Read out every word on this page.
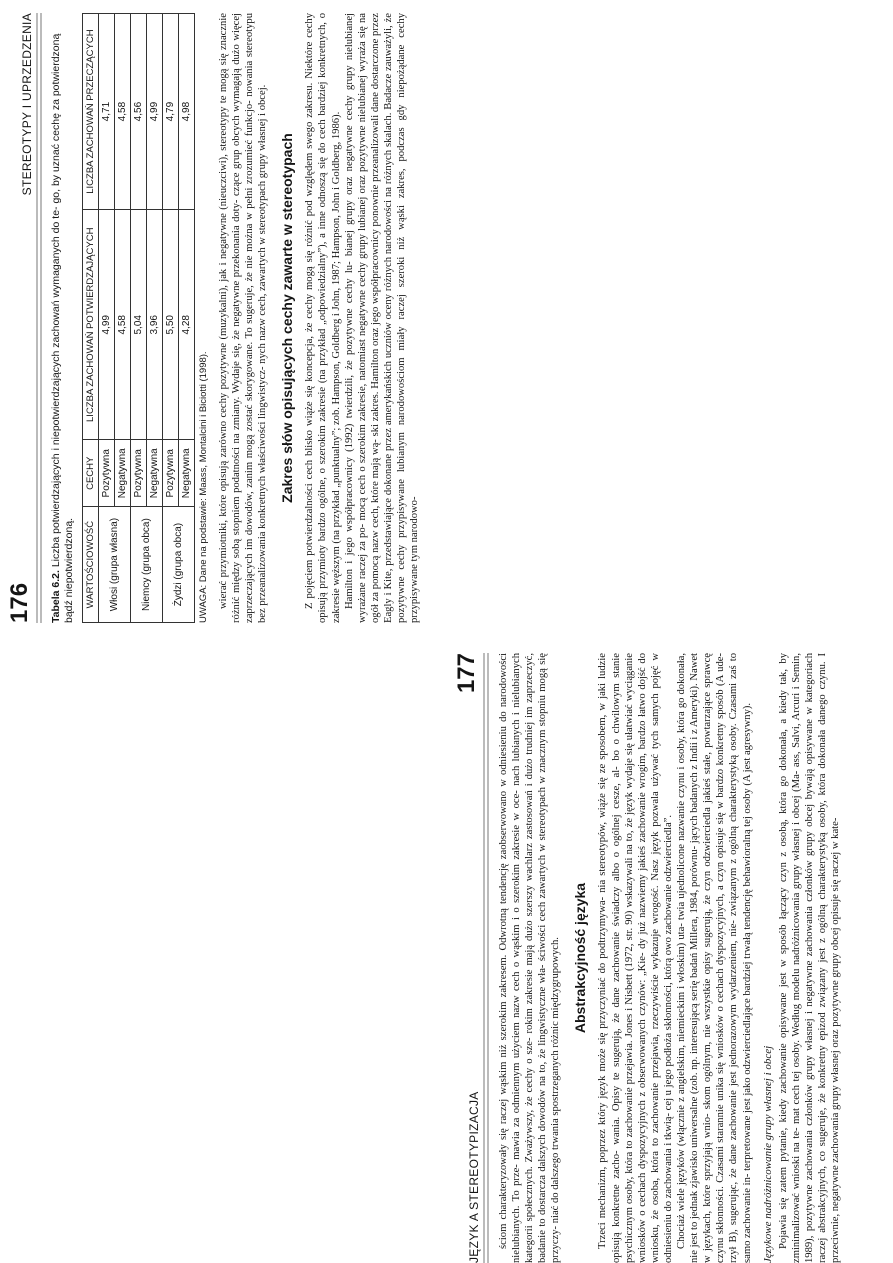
176
STEREOTYPY I UPRZEDZENIA
Tabela 6.2. Liczba potwierdzających i niepotwierdzających zachowań wymaganych do te- go, by uznać cechę za potwierdzoną bądź niepotwierdzoną. WARTOŚCIOWOŚĆ	CECHY	LICZBA ZACHOWAŃ POTWIERDZAJĄCYCH	LICZBA ZACHOWAŃ PRZECZĄCYCH
Włosi (grupa własna)	Pozytywna	4,99	4,71
	Negatywna	4,58	4,58
Niemcy (grupa obca)	Pozytywna	5,04	4,56
	Negatywna	3,96	4,99
Żydzi (grupa obca)	Pozytywna	5,50	4,79
	Negatywna	4,28	4,98
UWAGA: Dane na podstawie: Maass, Montalcini i Biciotti (1998). wierać przymiotniki, które opisują zarówno cechy pozytywne (muzykalni), jak i negatywne (nieuczciwi), stereotypy te mogą się znacznie różnić między sobą stopniem podatności na zmiany. Wydaje się, że negatywne przekonania doty- czące grup obcych wymagają dużo więcej zaprzeczających im dowodów, zanim mogą zostać skorygowane. To sugeruje, że nie można w pełni zrozumieć funkcjo- nowania stereotypu bez przeanalizowania konkretnych właściwości lingwistycz- nych nazw cech, zawartych w stereotypach grupy własnej i obcej. Zakres słów opisujących cechy zawarte w stereotypach Z pojęciem potwierdzalności cech blisko wiąże się koncepcja, że cechy mogą się różnić pod względem swego zakresu. Niektóre cechy opisują przymioty bardzo ogólne, o szerokim zakresie (na przykład „odpowiedzialny”), a inne odnoszą się do cech bardziej konkretnych, o zakresie węższym (na przykład „punktualny”; zob. Hampson, Goldberg i John, 1987; Hampson, John i Goldberg, 1986). Hamilton i jego współpracownicy (1992) twierdzili, że pozytywne cechy lu- bianej grupy oraz negatywne cechy grupy nielubianej wyrażane raczej za po- mocą cech o szerokim zakresie, natomiast negatywne cechy grupy lubianej oraz pozytywne nielubianej wyraża się na ogół za pomocą nazw cech, które mają wą- ski zakres. Hamilton oraz jego współpracownicy ponownie przeanalizowali dane dostarczone przez Eagly i Kite, przedstawiające dokonane przez amerykańskich uczniów oceny różnych narodowości na różnych skalach. Badacze zauważyli, że pozytywne cechy przypisywane lubianym narodowościom miały raczej szeroki niż wąski zakres, podczas gdy niepożądane cechy przypisywane tym narodowo-

JĘZYK A STEREOTYPIZACJA
177 ściom charakteryzowały się raczej wąskim niż szerokim zakresem. Odwrotną tendencję zaobserwowano w odniesieniu do narodowości nielubianych. To prze- mawia za odmiennym użyciem nazw cech o wąskim i o szerokim zakresie w oce- nach lubianych i nielubianych kategorii społecznych. Zważywszy, że cechy o sze- rokim zakresie mają dużo szerszy wachlarz zastosowań i dużo trudniej im zaprzeczyć, badanie to dostarcza dalszych dowodów na to, że lingwistyczne wła- ściwości cech zawartych w stereotypach w znacznym stopniu mogą się przyczy- niać do dalszego trwania spostrzeganych różnic międzygrupowych. Abstrakcyjność języka Trzeci mechanizm, poprzez który język może się przyczyniać do podtrzymywa- nia stereotypów, wiąże się ze sposobem, w jaki ludzie opisują konkretne zacho- wania. Opisy te sugerują, że dane zachowanie świadczy albo o ogólnej cesze, al- bo o chwilowym stanie psychicznym osoby, która to zachowanie przejawia. Jones i Nisbett (1972, str. 90) wskazywali na to, że język wydaje się ułatwiać wyciąganie wniosków o cechach dyspozycyjnych z obserwowanych czynów: „Kie- dy już nazwiemy jakieś zachowanie wrogim, bardzo łatwo dojść do wniosku, że osoba, która to zachowanie przejawia, rzeczywiście wykazuje wrogość. Nasz język pozwala używać tych samych pojęć w odniesieniu do zachowania i tkwią- cej u jego podłoża skłonności, którą owo zachowanie odzwierciedla”. Chociaż wiele języków (włącznie z angielskim, niemieckim i włoskim) uta- twia ujednolicone nazwanie czynu i osoby, która go dokonała, nie jest to jednak zjawisko uniwersalne (zob. np. interesującą serię badań Millera, 1984, porównu- jących badanych z Indii i z Ameryki). Nawet w językach, które sprzyjają wnio- skom ogólnym, nie wszystkie opisy sugerują, że czyn odzwierciedla jakieś stałe, powtarzające sprawcę czynu skłonności. Czasami starannie unika się wniosków o cechach dyspozycyjnych, a czyn opisuje się w bardzo konkretny sposób (A ude- rzył B), sugerując, że dane zachowanie jest jednorazowym wydarzeniem, nie- związanym z ogólną charakterystyką osoby. Czasami zaś to samo zachowanie in- terpretowane jest jako odzwierciedlające bardziej trwałą tendencję behawioralną tej osoby (A jest agresywny). Językowe nadróżnicowanie grupy własnej i obcej Pojawia się zatem pytanie, kiedy zachowanie opisywane jest w sposób łączący czyn z osobą, która go dokonała, a kiedy tak, by zminimalizować wnioski na te- mat cech tej osoby. Według modelu nadróżnicowania grupy własnej i obcej (Ma- ass, Salvi, Arcuri i Semin, 1989), pozytywne zachowania członków grupy własnej i negatywne zachowania członków grupy obcej bywają opisywane w kategoriach raczej abstrakcyjnych, co sugeruje, że konkretny epizod związany jest z ogólną charakterystyką osoby, która dokonała danego czynu. I przeciwnie, negatywne zachowania grupy własnej oraz pozytywne grupy obcej opisuje się raczej w kate-
